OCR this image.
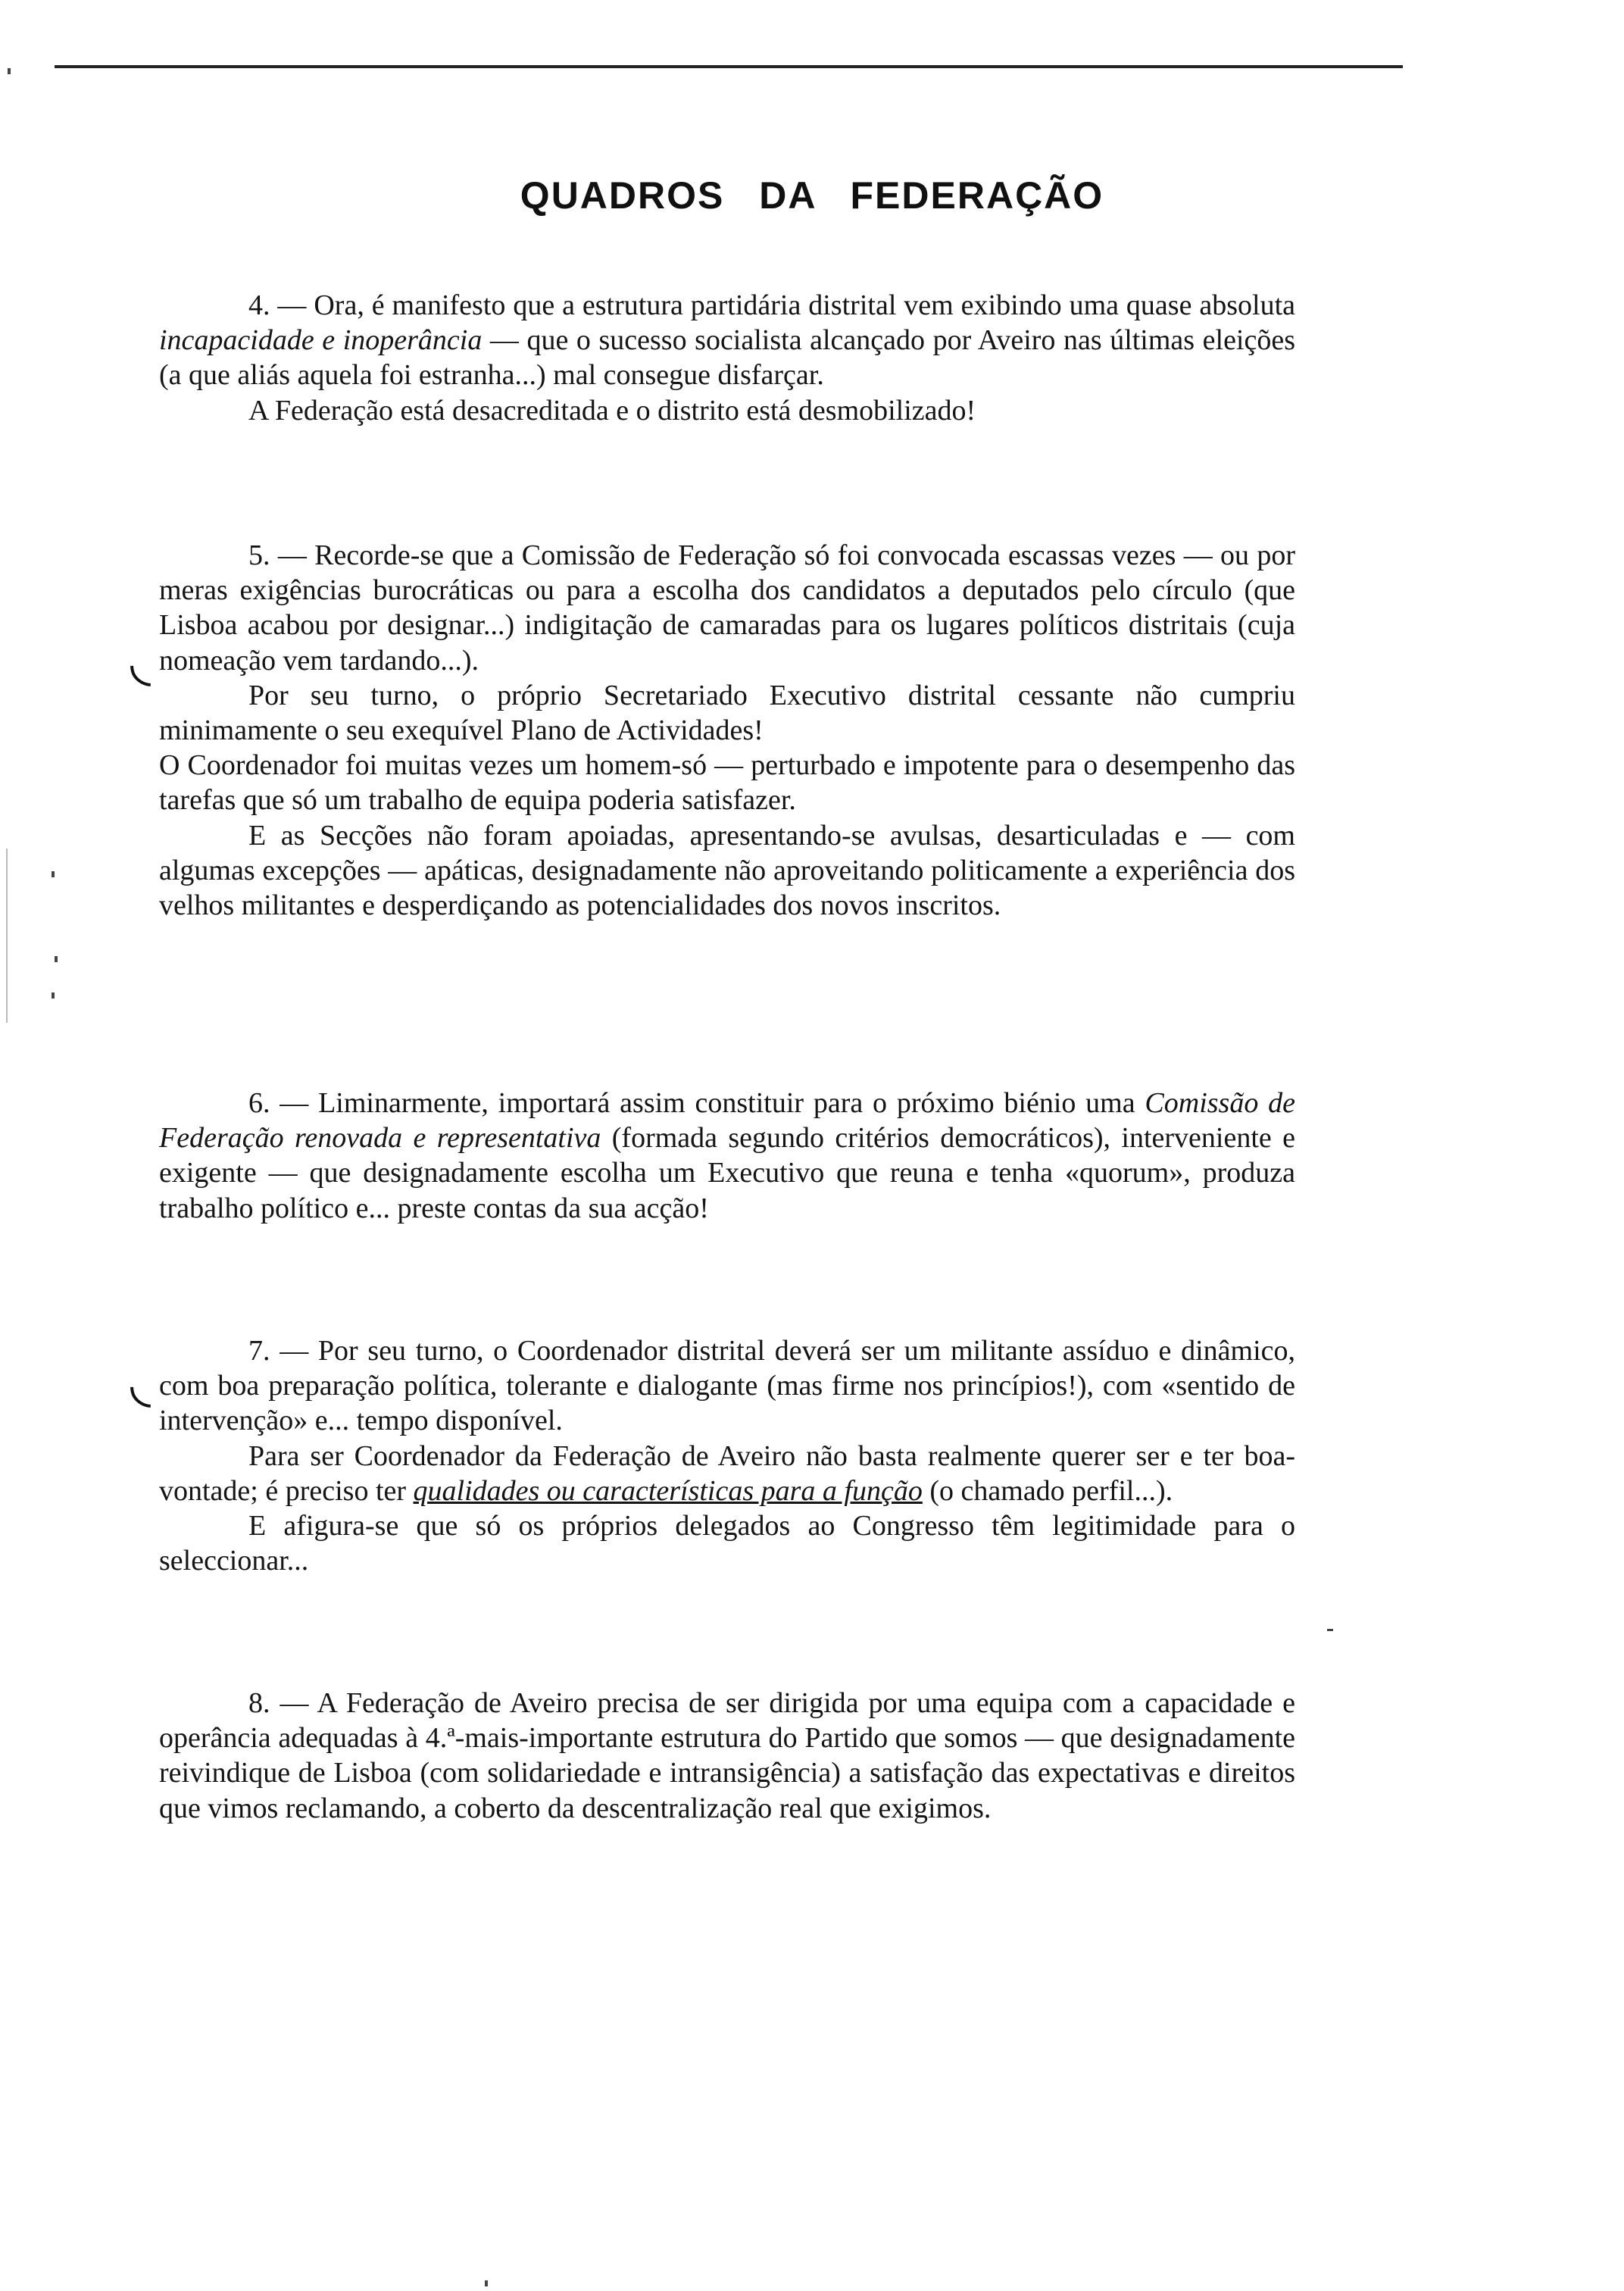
QUADROS DA FEDERAÇÃO

4. — Ora, é manifesto que a estrutura partidária distrital vem exibindo uma quase absoluta incapacidade e inoperância — que o sucesso socialista alcançado por Aveiro nas últimas eleições (a que aliás aquela foi estranha...) mal consegue disfarçar.

A Federação está desacreditada e o distrito está desmobilizado!

5. — Recorde-se que a Comissão de Federação só foi convocada escassas vezes — ou por meras exigências burocráticas ou para a escolha dos candidatos a deputados pelo círculo (que Lisboa acabou por designar...) indigitação de camaradas para os lugares políticos distritais (cuja nomeação vem tardando...).

Por seu turno, o próprio Secretariado Executivo distrital cessante não cumpriu minimamente o seu exequível Plano de Actividades!

O Coordenador foi muitas vezes um homem-só — perturbado e impotente para o desempenho das tarefas que só um trabalho de equipa poderia satisfazer.

E as Secções não foram apoiadas, apresentando-se avulsas, desarticuladas e — com algumas excepções — apáticas, designadamente não aproveitando politicamente a experiência dos velhos militantes e desperdiçando as potencialidades dos novos inscritos.

◟

6. — Liminarmente, importará assim constituir para o próximo biénio uma Comissão de Federação renovada e representativa (formada segundo critérios democráticos), interveniente e exigente — que designadamente escolha um Executivo que reuna e tenha «quorum», produza trabalho político e... preste contas da sua acção!

7. — Por seu turno, o Coordenador distrital deverá ser um militante assíduo e dinâmico, com boa preparação política, tolerante e dialogante (mas firme nos princípios!), com «sentido de intervenção» e... tempo disponível.

Para ser Coordenador da Federação de Aveiro não basta realmente querer ser e ter boa-vontade; é preciso ter qualidades ou características para a função (o chamado perfil...).

E afigura-se que só os próprios delegados ao Congresso têm legitimidade para o seleccionar...

◟

8. — A Federação de Aveiro precisa de ser dirigida por uma equipa com a capacidade e operância adequadas à 4.ª-mais-importante estrutura do Partido que somos — que designadamente reivindique de Lisboa (com solidariedade e intransigência) a satisfação das expectativas e direitos que vimos reclamando, a coberto da descentralização real que exigimos.
